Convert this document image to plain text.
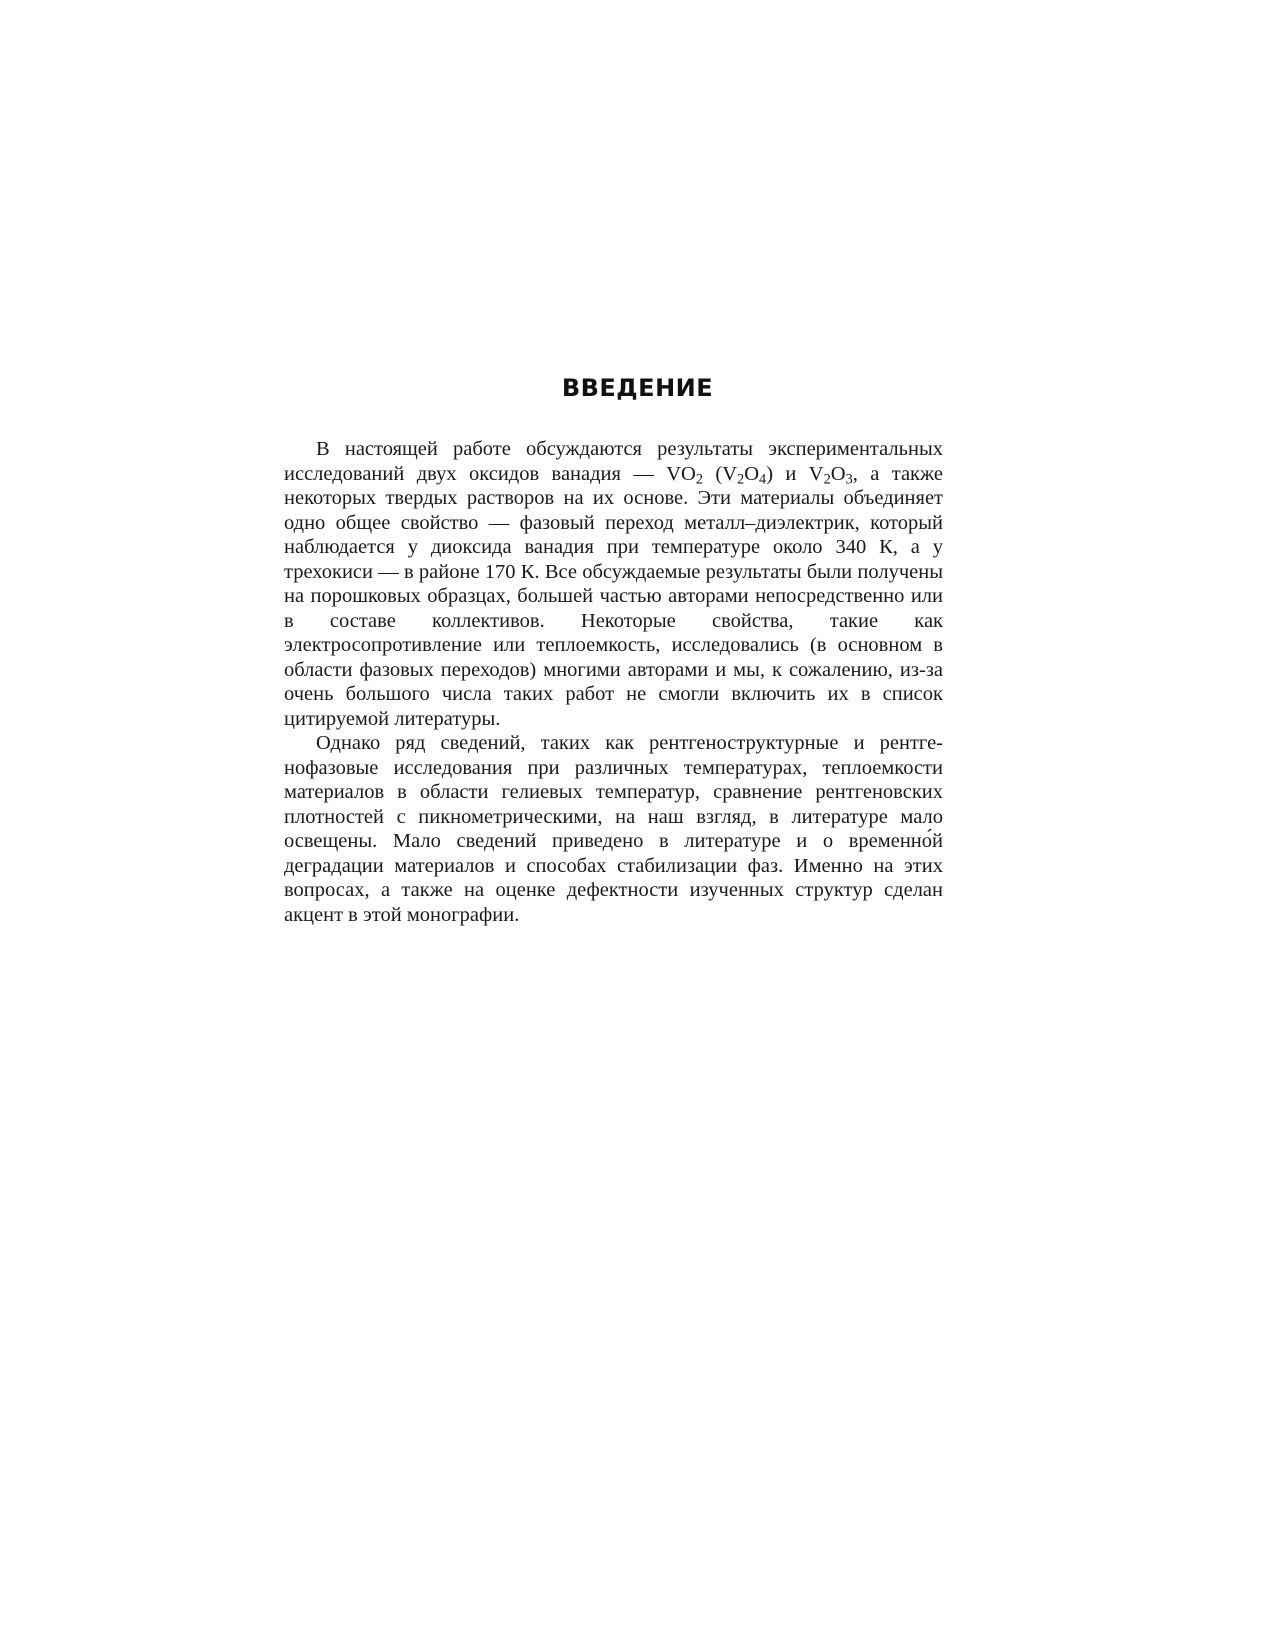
ВВЕДЕНИЕ

В настоящей работе обсуждаются результаты экспериментальных исследований двух оксидов ванадия — $VO_2$ $(V_2O_4)$ и $V_2O_3$, а также некоторых твердых растворов на их основе. Эти материалы объединяет одно общее свойство — фазовый переход металл–диэлектрик, который наблюдается у диоксида ванадия при температуре около 340 К, а у трехокиси — в районе 170 К. Все обсуждаемые результаты были получены на порошковых образцах, большей частью авторами непосредственно или в составе коллективов. Некоторые свойства, такие как электросопротивление или теплоемкость, исследовались (в основном в области фазовых переходов) многими авторами и мы, к сожалению, из-за очень большого числа таких работ не смогли включить их в список цитируемой литературы.

Однако ряд сведений, таких как рентгеноструктурные и рентгенофазовые исследования при различных температурах, теплоемкости материалов в области гелиевых температур, сравнение рентгеновских плотностей с пикнометрическими, на наш взгляд, в литературе мало освещены. Мало сведений приведено в литературе и о временно́й деградации материалов и способах стабилизации фаз. Именно на этих вопросах, а также на оценке дефектности изученных структур сделан акцент в этой монографии.
